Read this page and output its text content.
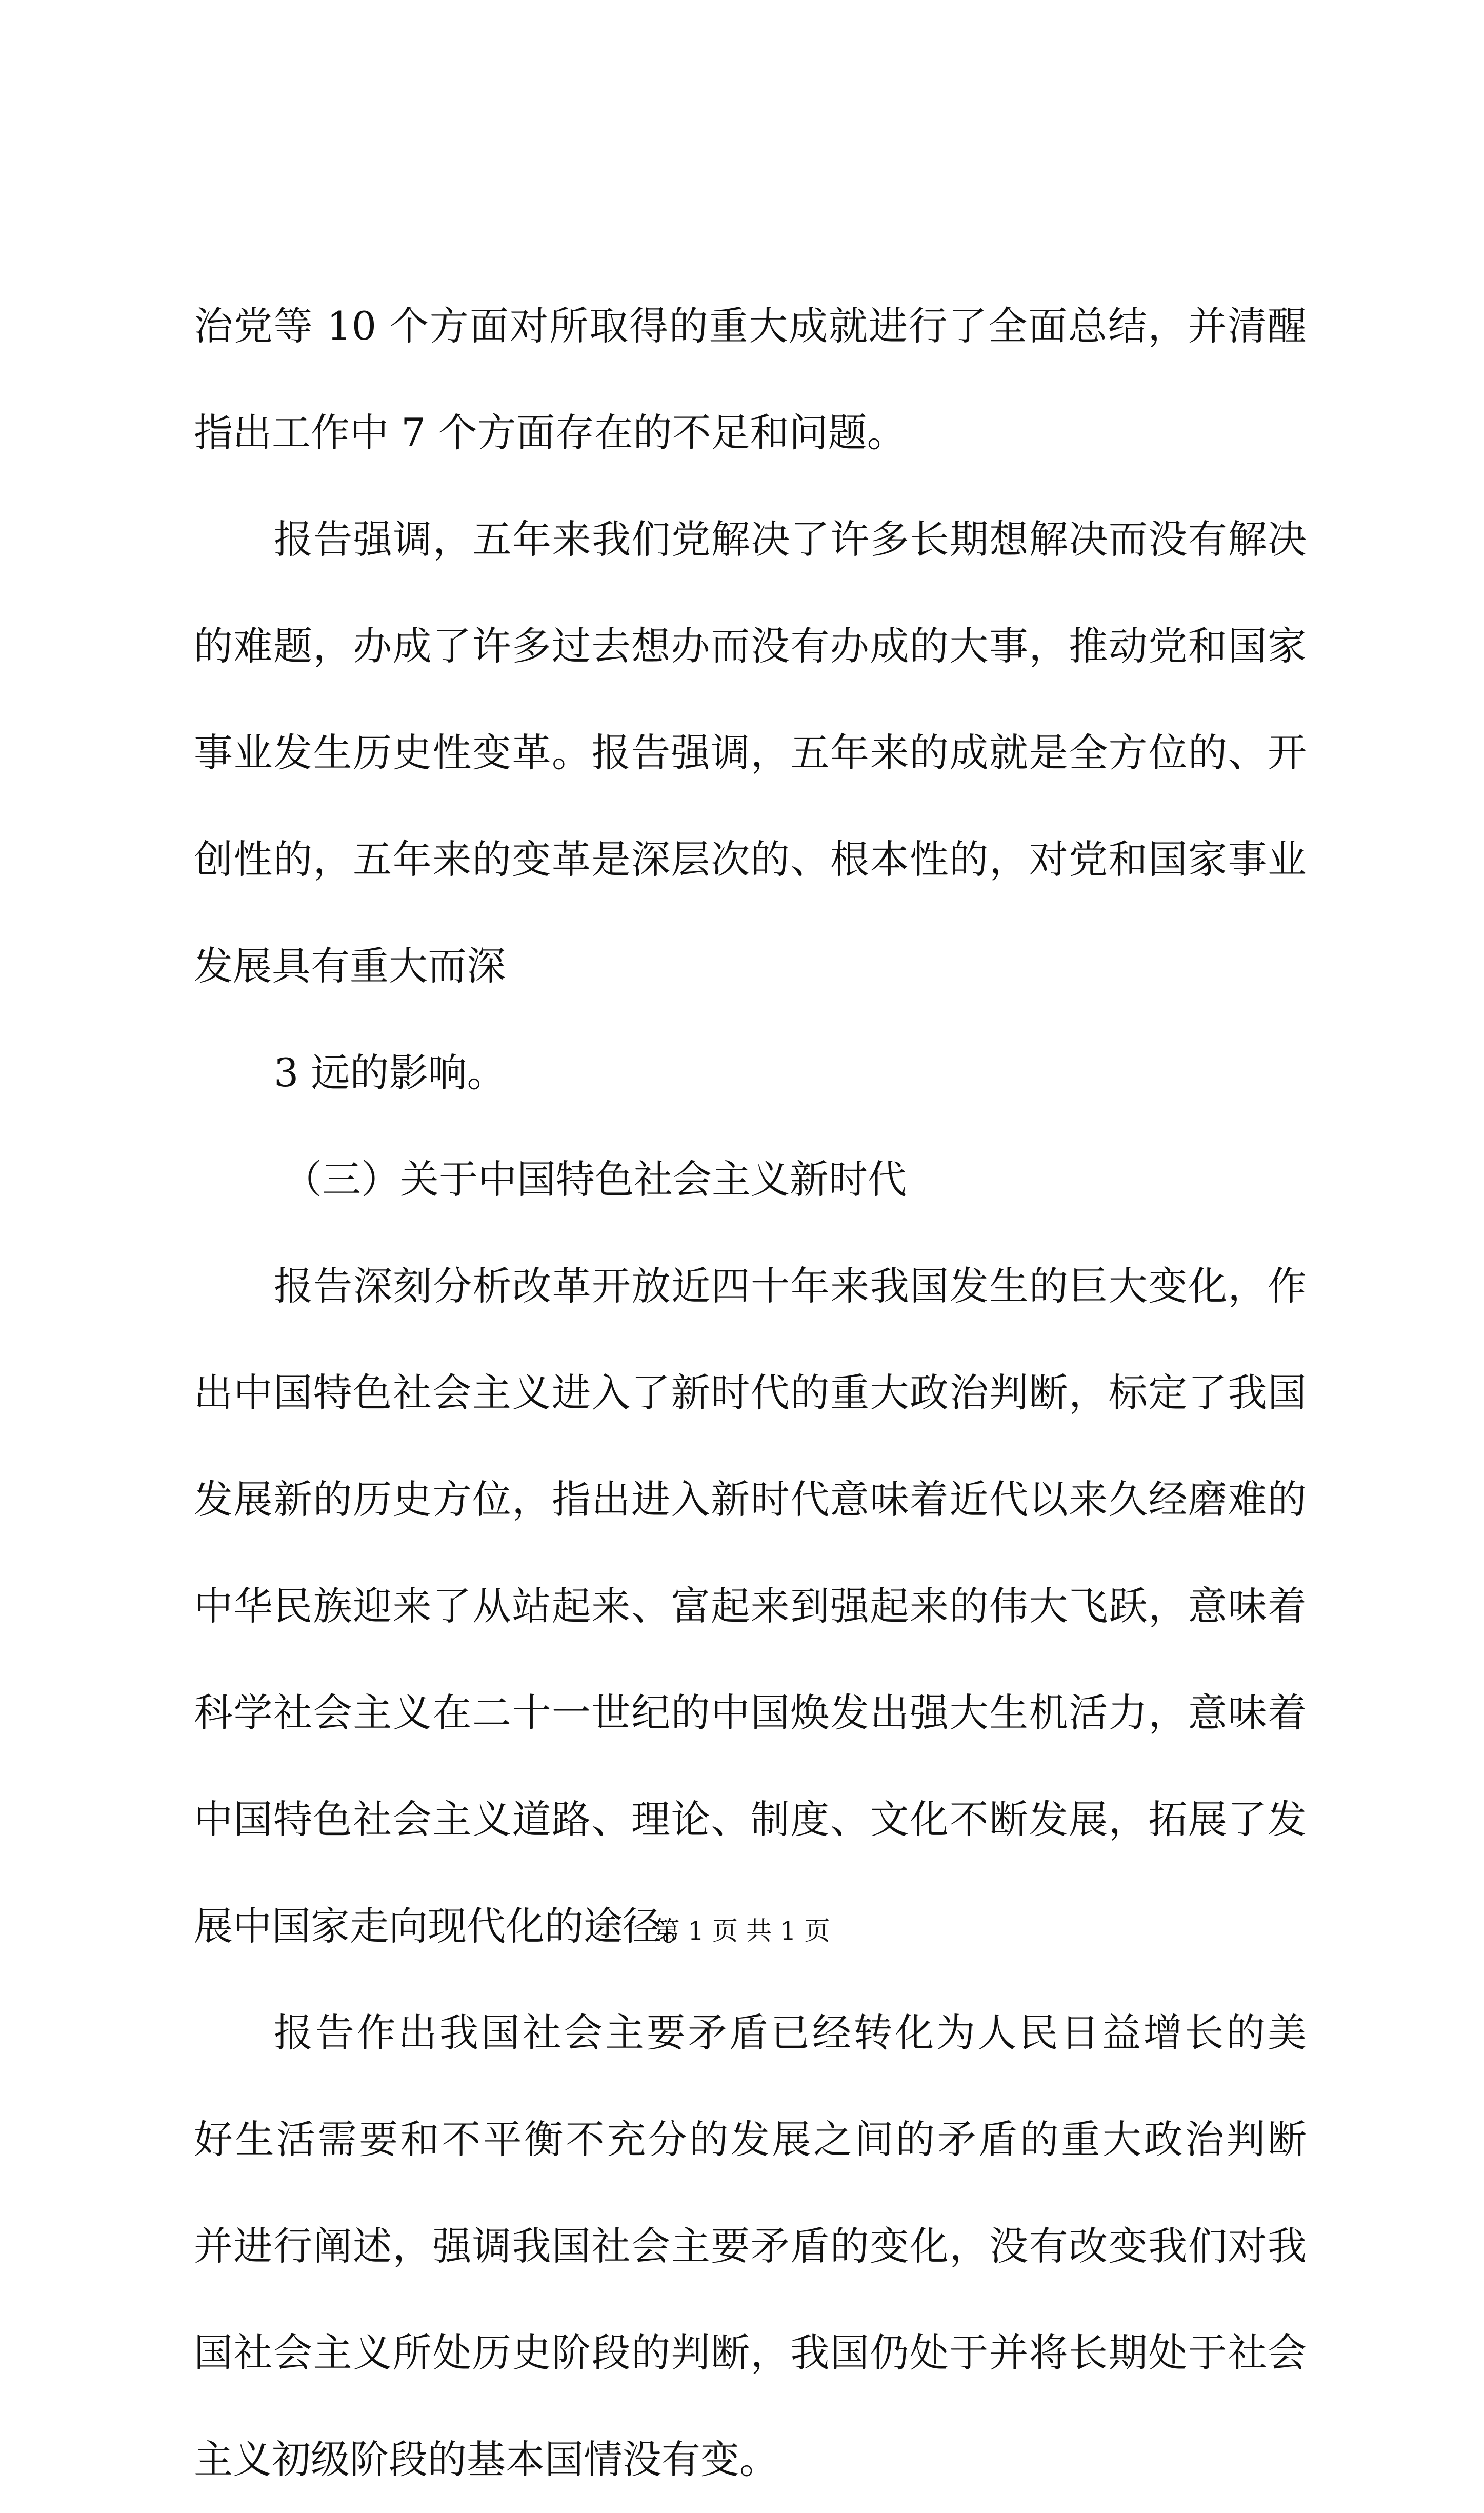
治党等 10 个方面对所取得的重大成就进行了全面总结，并清醒
指出工作中 7 个方面存在的不足和问题。
报告强调，五年来我们党解决了许多长期想解决而没有解决
的难题，办成了许多过去想办而没有办成的大事，推动党和国家
事业发生历史性变革。报告强调，五年来的成就是全方位的、开
创性的，五年来的变革是深层次的、根本性的，对党和国家事业
发展具有重大而深
3 远的影响。
（三）关于中国特色社会主义新时代
报告深刻分析改革开放近四十年来我国发生的巨大变化，作
出中国特色社会主义进入了新时代的重大政治判断，标定了我国
发展新的历史方位，指出进入新时代意味着近代以来久经磨难的
中华民族迎来了从站起来、富起来到强起来的伟大飞跃，意味着
科学社会主义在二十一世纪的中国焕发出强大生机活力，意味着
中国特色社会主义道路、理论、制度、文化不断发展，拓展了发
展中国家走向现代化的途径。
报告作出我国社会主要矛盾已经转化为人民日益增长的美
好生活需要和不平衡不充分的发展之间的矛盾的重大政治判断
并进行阐述，强调我国社会主要矛盾的变化，没有改变我们对我
国社会主义所处历史阶段的判断，我国仍处于并将长期处于社会
主义初级阶段的基本国情没有变。
第 1 页 共 1 页
